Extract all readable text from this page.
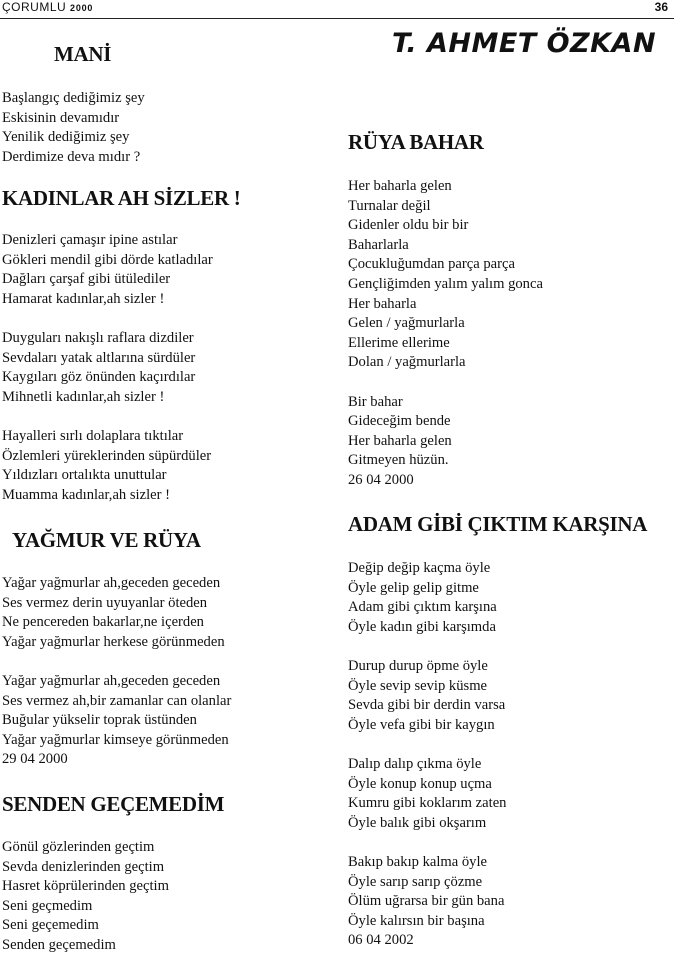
ÇORUMLU 2000	36
T. AHMET ÖZKAN
MANİ
Başlangıç dediğimiz şey
Eskisinin devamıdır
Yenilik dediğimiz şey
Derdimize deva mıdır ?
KADINLAR AH SİZLER !
Denizleri çamaşır ipine astılar
Gökleri mendil gibi dörde katladılar
Dağları çarşaf gibi ütülediler
Hamarat kadınlar,ah sizler !
Duyguları nakışlı raflara dizdiler
Sevdaları yatak altlarına sürdüler
Kaygıları göz önünden kaçırdılar
Mihnetli kadınlar,ah sizler !
Hayalleri sırlı dolaplara tıktılar
Özlemleri yüreklerinden süpürdüler
Yıldızları ortalıkta unuttular
Muamma kadınlar,ah sizler !
YAĞMUR VE RÜYA
Yağar yağmurlar ah,geceden geceden
Ses vermez derin uyuyanlar öteden
Ne pencereden bakarlar,ne içerden
Yağar yağmurlar herkese görünmeden
Yağar yağmurlar ah,geceden geceden
Ses vermez ah,bir zamanlar can olanlar
Buğular yükselir toprak üstünden
Yağar yağmurlar kimseye görünmeden
29 04 2000
SENDEN GEÇEMEDİM
Gönül gözlerinden geçtim
Sevda denizlerinden geçtim
Hasret köprülerinden geçtim
Seni geçmedim
Seni geçemedim
Senden geçemedim
RÜYA BAHAR
Her baharla gelen
Turnalar değil
Gidenler oldu bir bir
Baharlarla
Çocukluğumdan parça parça
Gençliğimden yalım yalım gonca
Her baharla
Gelen / yağmurlarla
Ellerime ellerime
Dolan / yağmurlarla
Bir bahar
Gideceğim bende
Her baharla gelen
Gitmeyen hüzün.
26 04 2000
ADAM GİBİ ÇIKTIM KARŞINA
Değip değip kaçma öyle
Öyle gelip gelip gitme
Adam gibi çıktım karşına
Öyle kadın gibi karşımda
Durup durup öpme öyle
Öyle sevip sevip küsme
Sevda gibi bir derdin varsa
Öyle vefa gibi bir kaygın
Dalıp dalıp çıkma öyle
Öyle konup konup uçma
Kumru gibi koklarım zaten
Öyle balık gibi okşarım
Bakıp bakıp kalma öyle
Öyle sarıp sarıp çözme
Ölüm uğrarsa bir gün bana
Öyle kalırsın bir başına
06 04 2002
